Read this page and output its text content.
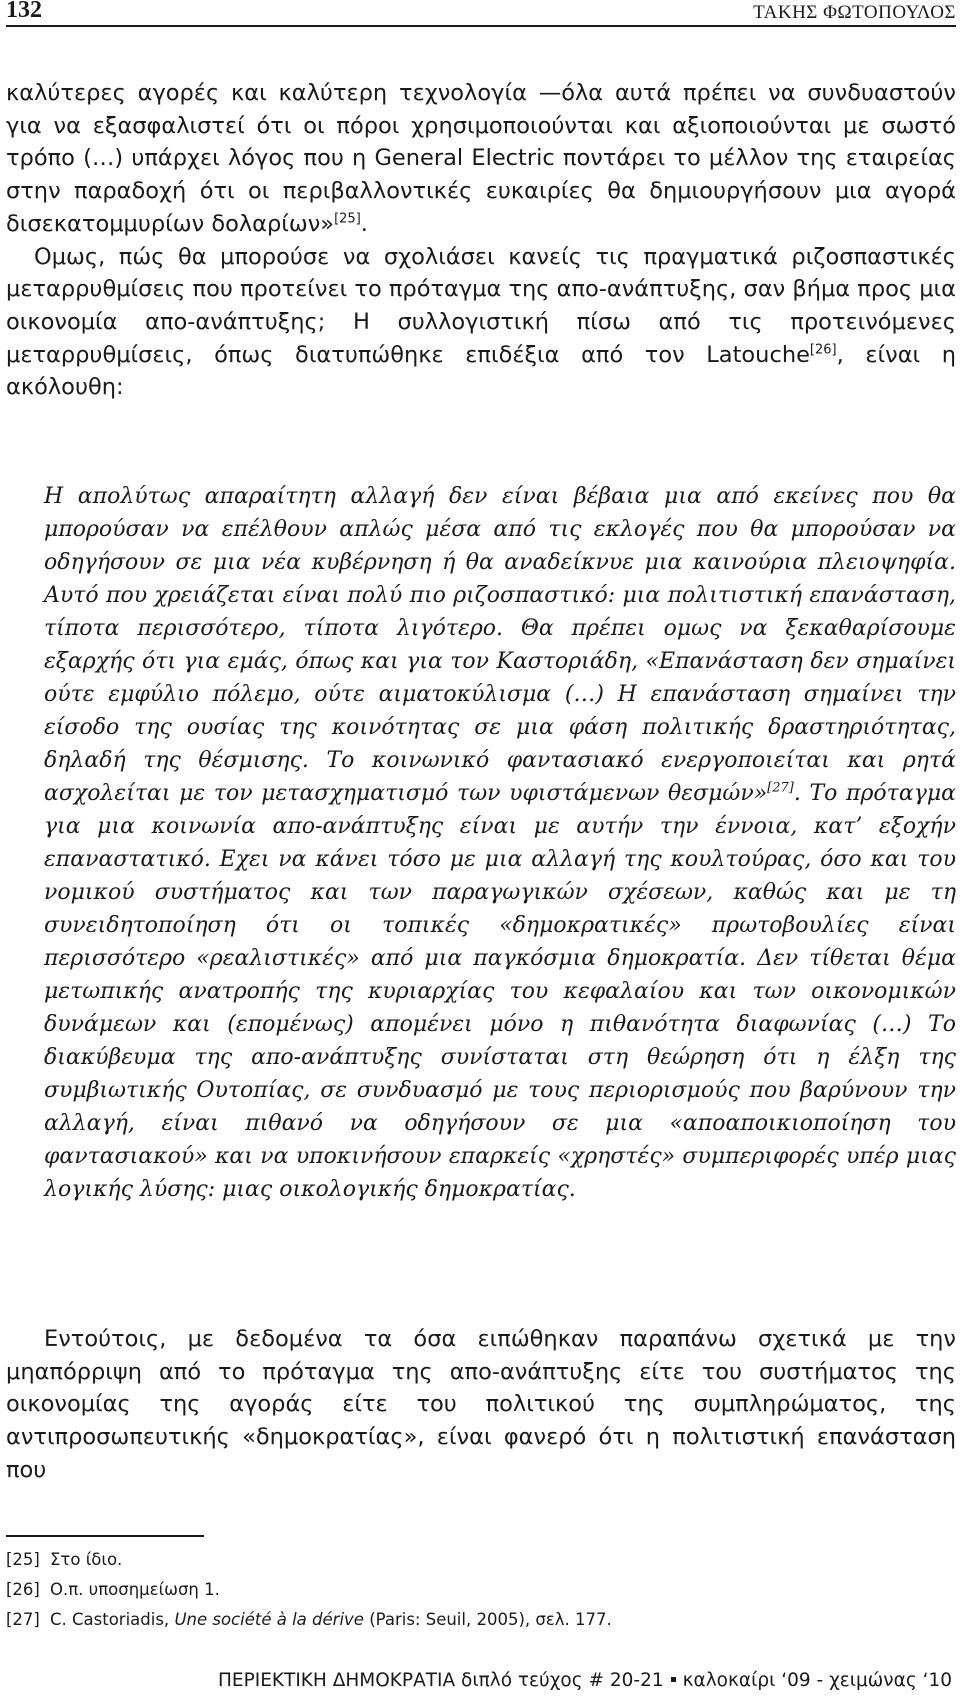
132	ΤΑΚΗΣ ΦΩΤΟΠΟΥΛΟΣ

καλύτερες αγορές και καλύτερη τεχνολογία —όλα αυτά πρέπει να συνδυαστούν για να εξασφαλιστεί ότι οι πόροι χρησιμοποιούνται και αξιοποιούνται με σωστό τρόπο (…) υπάρχει λόγος που η General Electric ποντάρει το μέλλον της εταιρείας στην παραδοχή ότι οι περιβαλλοντικές ευκαιρίες θα δημιουργήσουν μια αγορά δισεκατομμυρίων δολαρίων»[25].

Ομως, πώς θα μπορούσε να σχολιάσει κανείς τις πραγματικά ριζοσπαστικές μεταρρυθμίσεις που προτείνει το πρόταγμα της απο-ανάπτυξης, σαν βήμα προς μια οικονομία απο-ανάπτυξης; Η συλλογιστική πίσω από τις προτεινόμενες μεταρρυθμίσεις, όπως διατυπώθηκε επιδέξια από τον Latouche[26], είναι η ακόλουθη:

Η απολύτως απαραίτητη αλλαγή δεν είναι βέβαια μια από εκείνες που θα μπορούσαν να επέλθουν απλώς μέσα από τις εκλογές που θα μπορούσαν να οδηγήσουν σε μια νέα κυβέρνηση ή θα αναδείκνυε μια καινούρια πλειοψηφία. Αυτό που χρειάζεται είναι πολύ πιο ριζοσπαστικό: μια πολιτιστική επανάσταση, τίποτα περισσότερο, τίποτα λιγότερο. Θα πρέπει ομως να ξεκαθαρίσουμε εξαρχής ότι για εμάς, όπως και για τον Καστοριάδη, «Επανάσταση δεν σημαίνει ούτε εμφύλιο πόλεμο, ούτε αιματοκύλισμα (…) Η επανάσταση σημαίνει την είσοδο της ουσίας της κοινότητας σε μια φάση πολιτικής δραστηριότητας, δηλαδή της θέσμισης. Το κοινωνικό φαντασιακό ενεργοποιείται και ρητά ασχολείται με τον μετασχηματισμό των υφιστάμενων θεσμών»[27]. Το πρόταγμα για μια κοινωνία απο-ανάπτυξης είναι με αυτήν την έννοια, κατ’ εξοχήν επαναστατικό. Εχει να κάνει τόσο με μια αλλαγή της κουλτούρας, όσο και του νομικού συστήματος και των παραγωγικών σχέσεων, καθώς και με τη συνειδητοποίηση ότι οι τοπικές «δημοκρατικές» πρωτοβουλίες είναι περισσότερο «ρεαλιστικές» από μια παγκόσμια δημοκρατία. Δεν τίθεται θέμα μετωπικής ανατροπής της κυριαρχίας του κεφαλαίου και των οικονομικών δυνάμεων και (επομένως) απομένει μόνο η πιθανότητα διαφωνίας (…) Το διακύβευμα της απο-ανάπτυξης συνίσταται στη θεώρηση ότι η έλξη της συμβιωτικής Ουτοπίας, σε συνδυασμό με τους περιορισμούς που βαρύνουν την αλλαγή, είναι πιθανό να οδηγήσουν σε μια «αποαποικιοποίηση του φαντασιακού» και να υποκινήσουν επαρκείς «χρηστές» συμπεριφορές υπέρ μιας λογικής λύσης: μιας οικολογικής δημοκρατίας.
Εντούτοις, με δεδομένα τα όσα ειπώθηκαν παραπάνω σχετικά με την μηαπόρριψη από το πρόταγμα της απο-ανάπτυξης είτε του συστήματος της οικονομίας της αγοράς είτε του πολιτικού της συμπληρώματος, της αντιπροσωπευτικής «δημοκρατίας», είναι φανερό ότι η πολιτιστική επανάσταση που
[25] Στο ίδιο.
[26] Ο.π. υποσημείωση 1.
[27] C. Castoriadis, Une société à la dérive (Paris: Seuil, 2005), σελ. 177.
ΠΕΡΙΕΚΤΙΚΗ ΔΗΜΟΚΡΑΤΙΑ διπλό τεύχος # 20-21 καλοκαίρι ‘09 - χειμώνας ‘10
